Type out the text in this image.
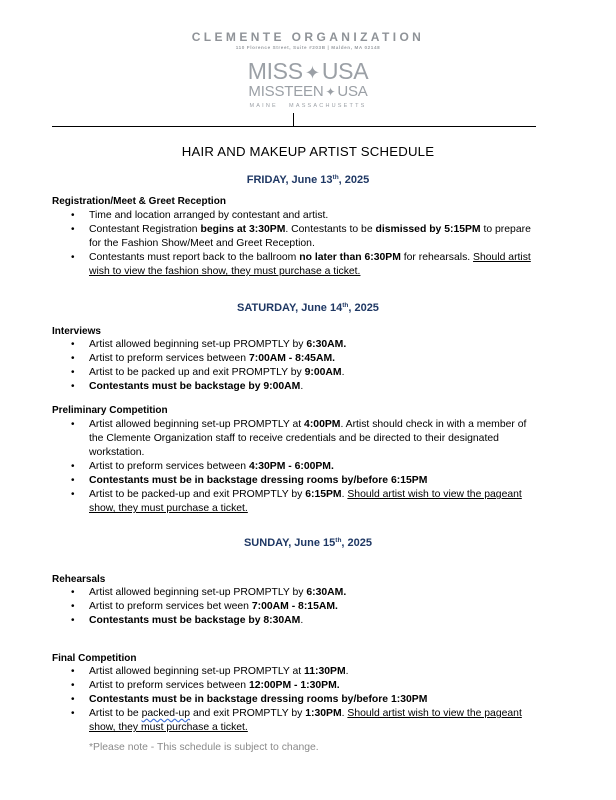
CLEMENTE ORGANIZATION
110 Florence Street, Suite #203B | Malden, MA 02148
MISS ✦USA
MISSTEEN ✦ USA
MAINE   MASSACHUSETTS
HAIR AND MAKEUP ARTIST SCHEDULE
FRIDAY, June 13th, 2025
Registration/Meet & Greet Reception
• Time and location arranged by contestant and artist.
• Contestant Registration begins at 3:30PM. Contestants to be dismissed by 5:15PM to prepare for the Fashion Show/Meet and Greet Reception.
• Contestants must report back to the ballroom no later than 6:30PM for rehearsals. Should artist wish to view the fashion show, they must purchase a ticket.
SATURDAY, June 14th, 2025
Interviews
• Artist allowed beginning set-up PROMPTLY by 6:30AM.
• Artist to preform services between 7:00AM - 8:45AM.
• Artist to be packed up and exit PROMPTLY by 9:00AM.
• Contestants must be backstage by 9:00AM.
Preliminary Competition
• Artist allowed beginning set-up PROMPTLY at 4:00PM. Artist should check in with a member of the Clemente Organization staff to receive credentials and be directed to their designated workstation.
• Artist to preform services between 4:30PM - 6:00PM.
• Contestants must be in backstage dressing rooms by/before 6:15PM
• Artist to be packed-up and exit PROMPTLY by 6:15PM. Should artist wish to view the pageant show, they must purchase a ticket.
SUNDAY, June 15th, 2025
Rehearsals
• Artist allowed beginning set-up PROMPTLY by 6:30AM.
• Artist to preform services bet ween 7:00AM - 8:15AM.
• Contestants must be backstage by 8:30AM.
Final Competition
• Artist allowed beginning set-up PROMPTLY at 11:30PM.
• Artist to preform services between 12:00PM - 1:30PM.
• Contestants must be in backstage dressing rooms by/before 1:30PM
• Artist to be packed-up and exit PROMPTLY by 1:30PM. Should artist wish to view the pageant show, they must purchase a ticket.
*Please note - This schedule is subject to change.
